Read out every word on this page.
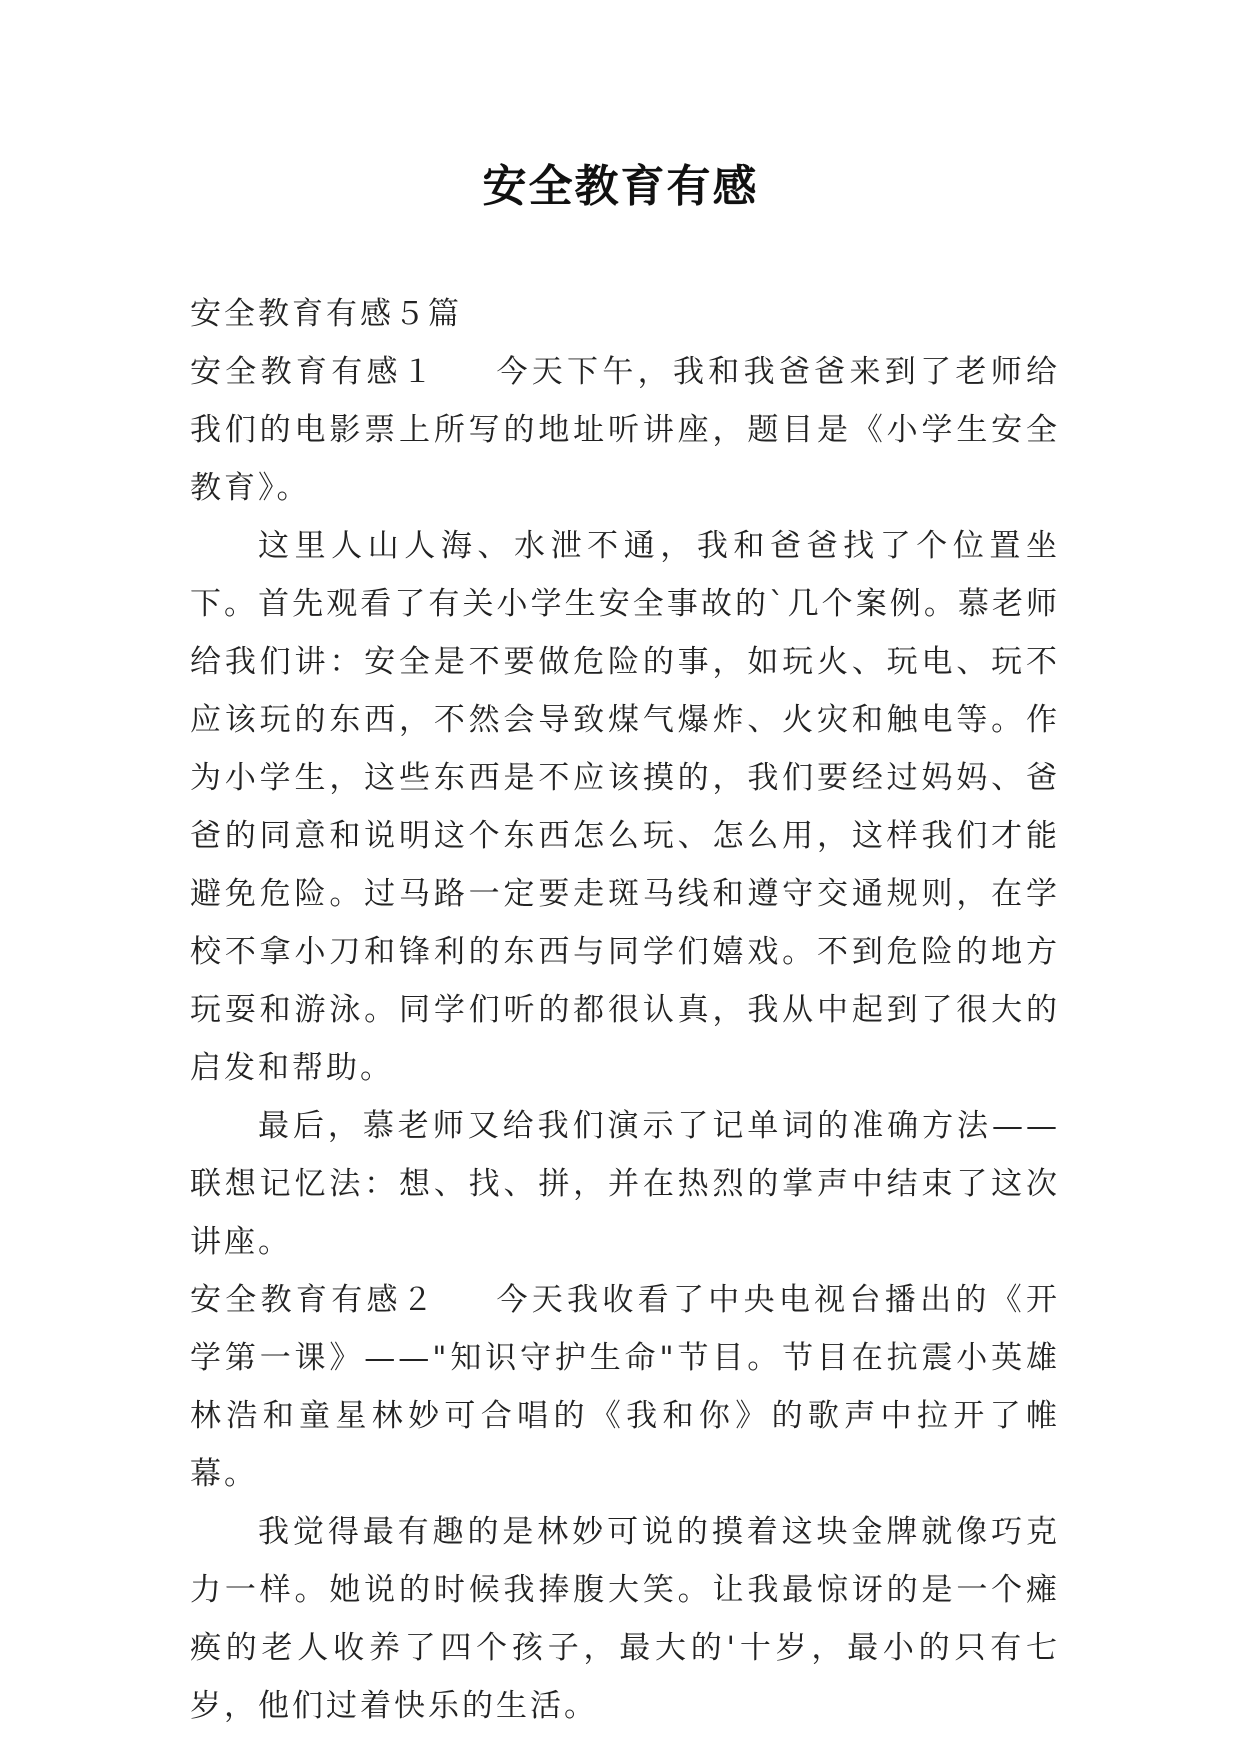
安全教育有感

安全教育有感５篇

安全教育有感１ 今天下午，我和我爸爸来到了老师给我们的电影票上所写的地址听讲座，题目是《小学生安全教育》。

这里人山人海、水泄不通，我和爸爸找了个位置坐下。首先观看了有关小学生安全事故的`几个案例。慕老师给我们讲：安全是不要做危险的事，如玩火、玩电、玩不应该玩的东西，不然会导致煤气爆炸、火灾和触电等。作为小学生，这些东西是不应该摸的，我们要经过妈妈、爸爸的同意和说明这个东西怎么玩、怎么用，这样我们才能避免危险。过马路一定要走斑马线和遵守交通规则，在学校不拿小刀和锋利的东西与同学们嬉戏。不到危险的地方玩耍和游泳。同学们听的都很认真，我从中起到了很大的启发和帮助。

最后，慕老师又给我们演示了记单词的准确方法——联想记忆法：想、找、拼，并在热烈的掌声中结束了这次讲座。

安全教育有感２ 今天我收看了中央电视台播出的《开学第一课》——"知识守护生命"节目。节目在抗震小英雄林浩和童星林妙可合唱的《我和你》的歌声中拉开了帷幕。

我觉得最有趣的是林妙可说的摸着这块金牌就像巧克力一样。她说的时候我捧腹大笑。让我最惊讶的是一个瘫痪的老人收养了四个孩子，最大的'十岁，最小的只有七岁，他们过着快乐的生活。
